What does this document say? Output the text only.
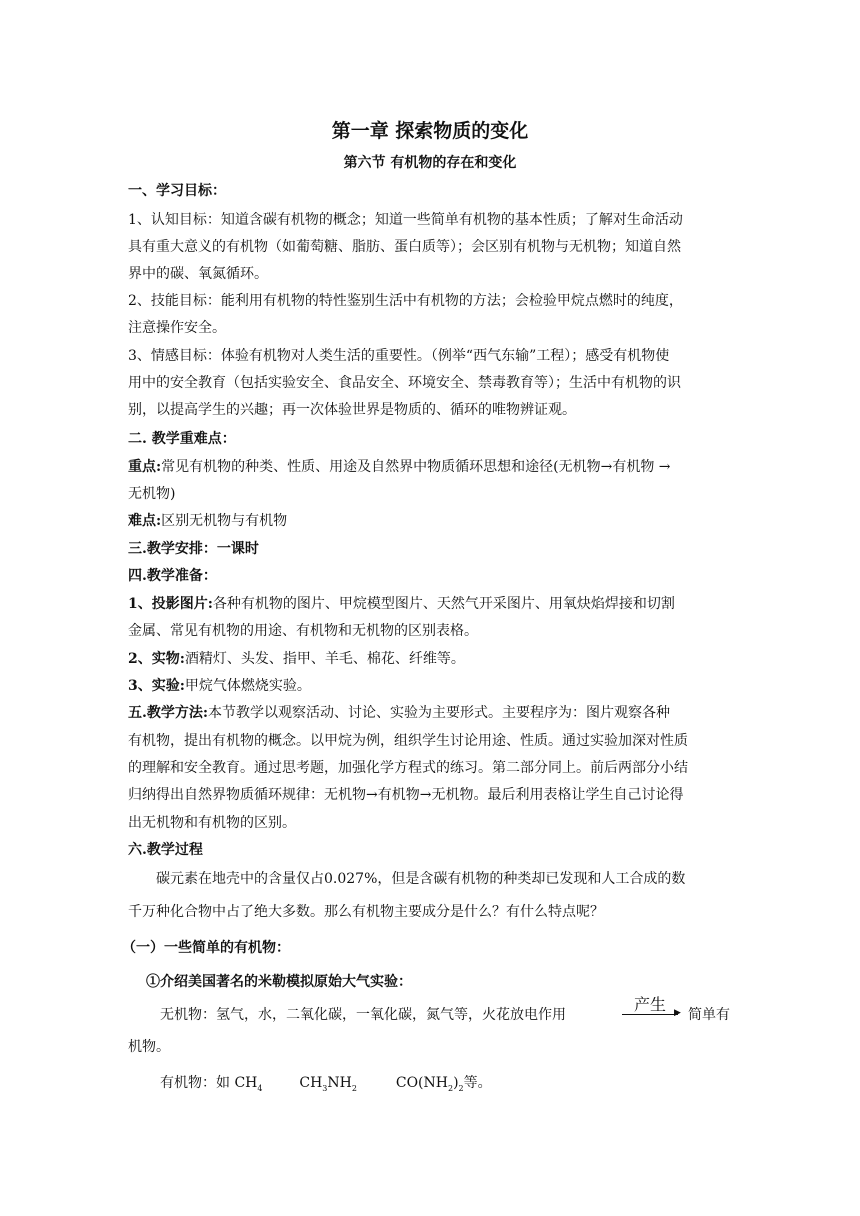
第一章 探索物质的变化
第六节 有机物的存在和变化
一、学习目标：
1、认知目标：知道含碳有机物的概念；知道一些简单有机物的基本性质；了解对生命活动
具有重大意义的有机物（如葡萄糖、脂肪、蛋白质等）；会区别有机物与无机物；知道自然
界中的碳、氧氮循环。
2、技能目标：能利用有机物的特性鉴别生活中有机物的方法；会检验甲烷点燃时的纯度，
注意操作安全。
3、情感目标：体验有机物对人类生活的重要性。（例举“西气东输”工程）；感受有机物使
用中的安全教育（包括实验安全、食品安全、环境安全、禁毒教育等）；生活中有机物的识
别，以提高学生的兴趣；再一次体验世界是物质的、循环的唯物辨证观。
二. 教学重难点：
重点:常见有机物的种类、性质、用途及自然界中物质循环思想和途径(无机物→有机物 →
无机物)
难点:区别无机物与有机物
三.教学安排：一课时
四.教学准备：
1、投影图片:各种有机物的图片、甲烷模型图片、天然气开采图片、用氧炔焰焊接和切割
金属、常见有机物的用途、有机物和无机物的区别表格。
2、实物:酒精灯、头发、指甲、羊毛、棉花、纤维等。
3、实验:甲烷气体燃烧实验。
五.教学方法:本节教学以观察活动、讨论、实验为主要形式。主要程序为：图片观察各种
有机物，提出有机物的概念。以甲烷为例，组织学生讨论用途、性质。通过实验加深对性质
的理解和安全教育。通过思考题，加强化学方程式的练习。第二部分同上。前后两部分小结
归纳得出自然界物质循环规律：无机物→有机物→无机物。最后利用表格让学生自己讨论得
出无机物和有机物的区别。
六.教学过程
碳元素在地壳中的含量仅占0.027%，但是含碳有机物的种类却已发现和人工合成的数
千万种化合物中占了绝大多数。那么有机物主要成分是什么？有什么特点呢？
（一）一些简单的有机物：
①介绍美国著名的米勒模拟原始大气实验：
无机物：氢气，水，二氧化碳，一氧化碳，氮气等，火花放电作用
产生 ▶ 简单有
机物。
有机物：如 $CH_4$	$CH_3NH_2$	$CO(NH_2)_2$等。
